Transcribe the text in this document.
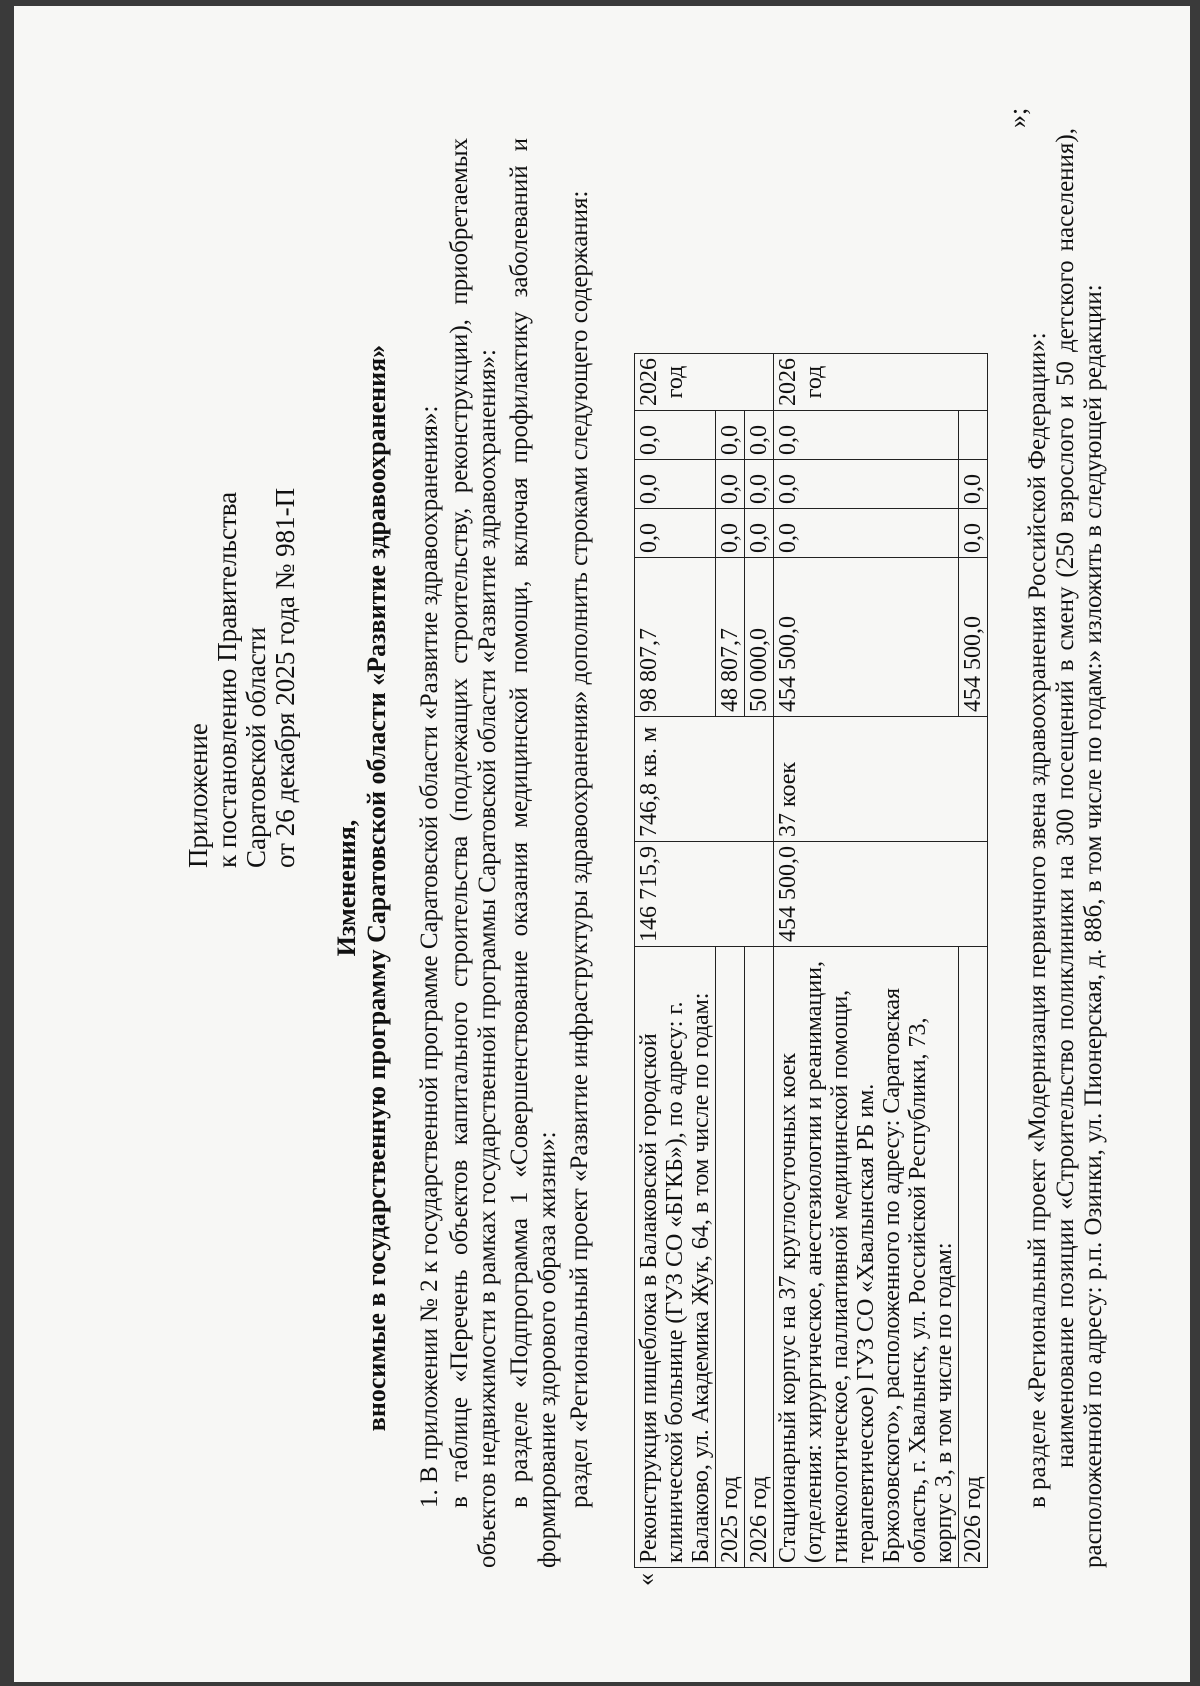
Приложение к постановлению Правительства Саратовской области от 26 декабря 2025 года № 981-П
Изменения, вносимые в государственную программу Саратовской области «Развитие здравоохранения» 1. В приложении № 2 к государственной программе Саратовской области «Развитие здравоохранения»: в таблице «Перечень объектов капитального строительства (подлежащих строительству, реконструкции), приобретаемых объектов недвижимости в рамках государственной программы Саратовской области «Развитие здравоохранения»: в разделе «Подпрограмма 1 «Совершенствование оказания медицинской помощи, включая профилактику заболеваний и формирование здорового образа жизни»: раздел «Региональный проект «Развитие инфраструктуры здравоохранения» дополнить строками следующего содержания:
«
Реконструкция пищеблока в Балаковской городской клинической больнице (ГУЗ СО «БГКБ»), по адресу: г. Балаково, ул. Академика Жук, 64, в том числе по годам:	146 715,9	746,8 кв. м	98 807,7	0,0	0,0	0,0	2026 год
2025 год			48 807,7	0,0	0,0	0,0	
2026 год			50 000,0	0,0	0,0	0,0	
Стационарный корпус на 37 круглосуточных коек (отделения: хирургическое, анестезиологии и реанимации, гинекологическое, паллиативной медицинской помощи, терапевтическое) ГУЗ СО «Хвалынская РБ им. Бржозовского», расположенного по адресу: Саратовская область, г. Хвалынск, ул. Российской Республики, 73, корпус 3, в том числе по годам:	454 500,0	37 коек	454 500,0	0,0	0,0	0,0	2026 год
2026 год			454 500,0	0,0	0,0		
»;
в разделе «Региональный проект «Модернизация первичного звена здравоохранения Российской Федерации»: наименование позиции «Строительство поликлиники на 300 посещений в смену (250 взрослого и 50 детского населения), расположенной по адресу: р.п. Озинки, ул. Пионерская, д. 88б, в том числе по годам:» изложить в следующей редакции:
